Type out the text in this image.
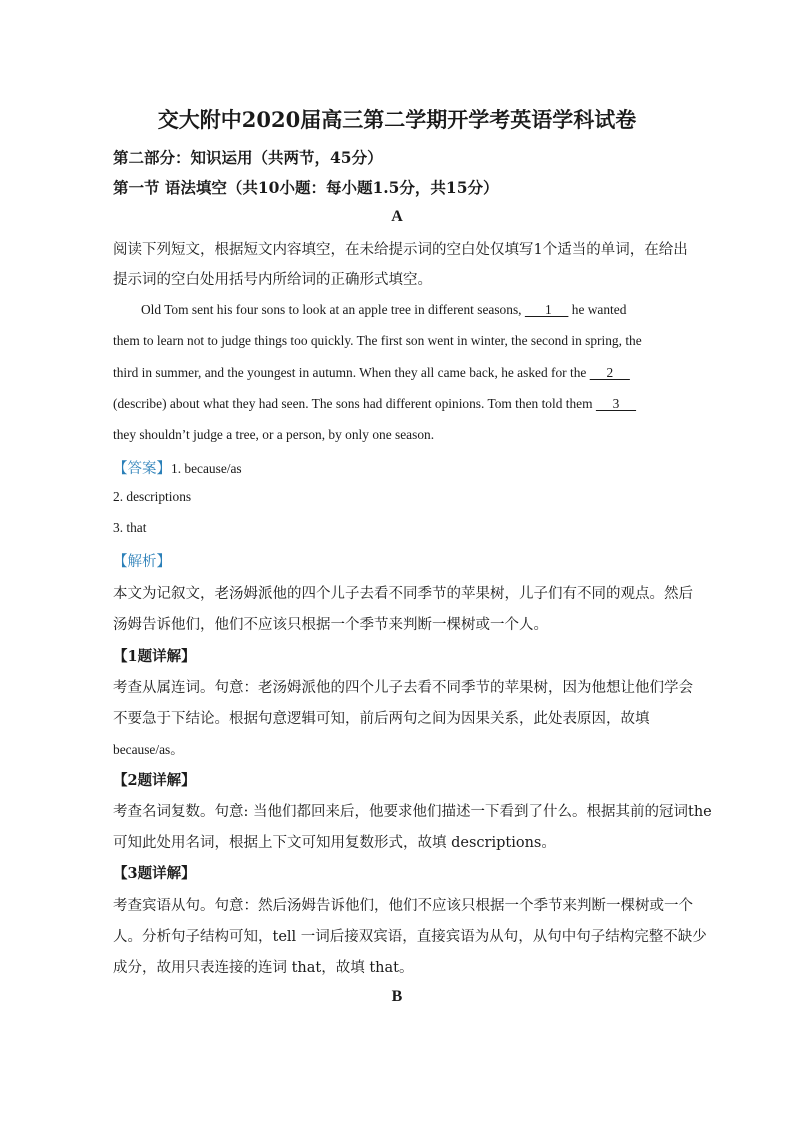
交大附中2020届高三第二学期开学考英语学科试卷
第二部分：知识运用（共两节，45分）
第一节 语法填空（共10小题：每小题1.5分，共15分）
A
阅读下列短文，根据短文内容填空，在未给提示词的空白处仅填写1个适当的单词，在给出
提示词的空白处用括号内所给词的正确形式填空。
Old Tom sent his four sons to look at an apple tree in different seasons,       1      he wanted
them to learn not to judge things too quickly. The first son went in winter, the second in spring, the
third in summer, and the youngest in autumn. When they all came back, he asked for the      2
(describe) about what they had seen. The sons had different opinions. Tom then told them      3
they shouldn’t judge a tree, or a person, by only one season.
【答案】1. because/as
2. descriptions
3. that
【解析】
本文为记叙文，老汤姆派他的四个儿子去看不同季节的苹果树，儿子们有不同的观点。然后
汤姆告诉他们，他们不应该只根据一个季节来判断一棵树或一个人。
【1题详解】
考查从属连词。句意：老汤姆派他的四个儿子去看不同季节的苹果树，因为他想让他们学会
不要急于下结论。根据句意逻辑可知，前后两句之间为因果关系，此处表原因，故填
because/as。
【2题详解】
考查名词复数。句意: 当他们都回来后，他要求他们描述一下看到了什么。根据其前的冠词the
可知此处用名词，根据上下文可知用复数形式，故填 descriptions。
【3题详解】
考查宾语从句。句意：然后汤姆告诉他们，他们不应该只根据一个季节来判断一棵树或一个
人。分析句子结构可知，tell 一词后接双宾语，直接宾语为从句，从句中句子结构完整不缺少
成分，故用只表连接的连词 that，故填 that。
B
